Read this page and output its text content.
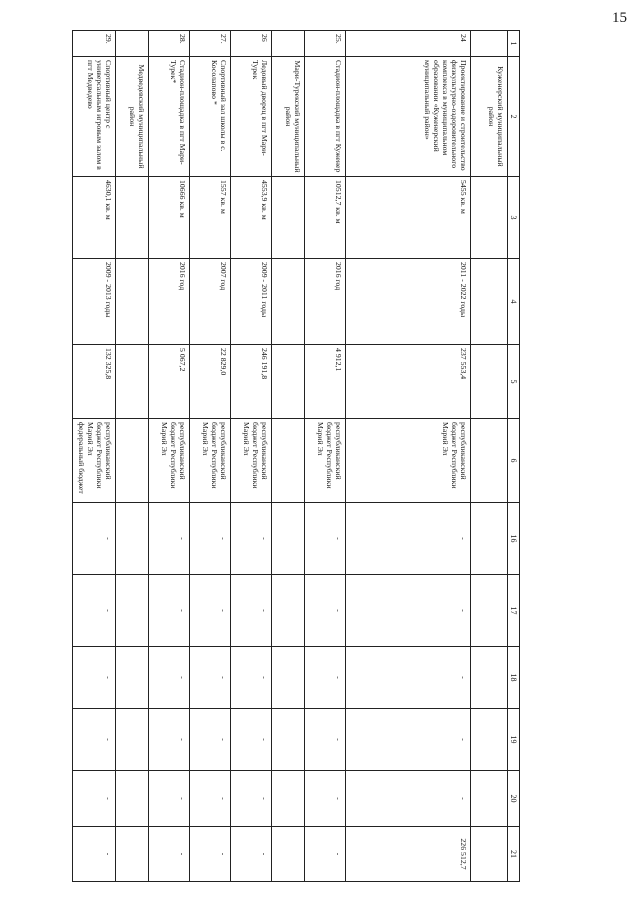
15
1	2	3	4	5	6	16	17	18	19	20	21
	Куженерский муниципальный район										
24	Проектирование и строительство физкультурно-оздоровительного комплекса в муниципальном образовании «Куженерский муниципальный район»	5455 кв. м	2011 - 2022 годы	237 553,4	республиканский бюджет Республики Марий Эл	-	-	-	-	-	226 512,7
25.	Стадион-площадка в пгт Куженер	10512,7 кв. м	2016 год	4 912,1	республиканский бюджет Республики Марий Эл	-	-	-	-	-	-
	Мари-Турекский муниципальный район										
26	Ледовый дворец в пгт Мари-Турек	4553,9 кв. м	2009 - 2011 годы	246 191,8	республиканский бюджет Республики Марий Эл	-	-	-	-	-	-
27.	Спортивный зал школы в с. Косолапово *	1557 кв. м	2007 год	22 829,0	республиканский бюджет Республики Марий Эл	-	-	-	-	-	-
28.	Стадион-площадка в пгт Мари-Турек*	10666 кв. м	2016 год	5 067,2	республиканский бюджет Республики Марий Эл	-	-	-	-	-	-
	Медведевский муниципальный район										
29.	Спортивный центр с универсальным игровым залом в пгт Медведево	4630,1 кв. м	2009 - 2013 годы	132 325,8	республиканский бюджет Республики Марий Эл федеральный бюджет	-	-	-	-	-	-
